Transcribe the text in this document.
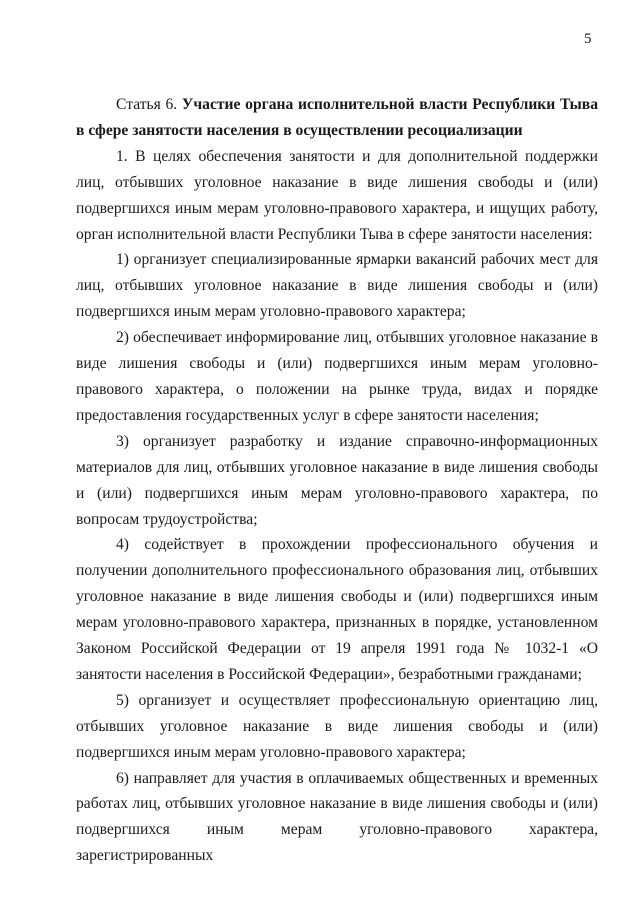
5

Статья 6. Участие органа исполнительной власти Республики Тыва в сфере занятости населения в осуществлении ресоциализации

1. В целях обеспечения занятости и для дополнительной поддержки лиц, отбывших уголовное наказание в виде лишения свободы и (или) подвергшихся иным мерам уголовно-правового характера, и ищущих работу, орган исполнительной власти Республики Тыва в сфере занятости населения:

1) организует специализированные ярмарки вакансий рабочих мест для лиц, отбывших уголовное наказание в виде лишения свободы и (или) подвергшихся иным мерам уголовно-правового характера;

2) обеспечивает информирование лиц, отбывших уголовное наказание в виде лишения свободы и (или) подвергшихся иным мерам уголовно-правового характера, о положении на рынке труда, видах и порядке предоставления государственных услуг в сфере занятости населения;

3) организует разработку и издание справочно-информационных материалов для лиц, отбывших уголовное наказание в виде лишения свободы и (или) подвергшихся иным мерам уголовно-правового характера, по вопросам трудоустройства;

4) содействует в прохождении профессионального обучения и получении дополнительного профессионального образования лиц, отбывших уголовное наказание в виде лишения свободы и (или) подвергшихся иным мерам уголовно-правового характера, признанных в порядке, установленном Законом Российской Федерации от 19 апреля 1991 года № 1032-1 «О занятости населения в Российской Федерации», безработными гражданами;

5) организует и осуществляет профессиональную ориентацию лиц, отбывших уголовное наказание в виде лишения свободы и (или) подвергшихся иным мерам уголовно-правового характера;

6) направляет для участия в оплачиваемых общественных и временных работах лиц, отбывших уголовное наказание в виде лишения свободы и (или) подвергшихся иным мерам уголовно-правового характера, зарегистрированных
